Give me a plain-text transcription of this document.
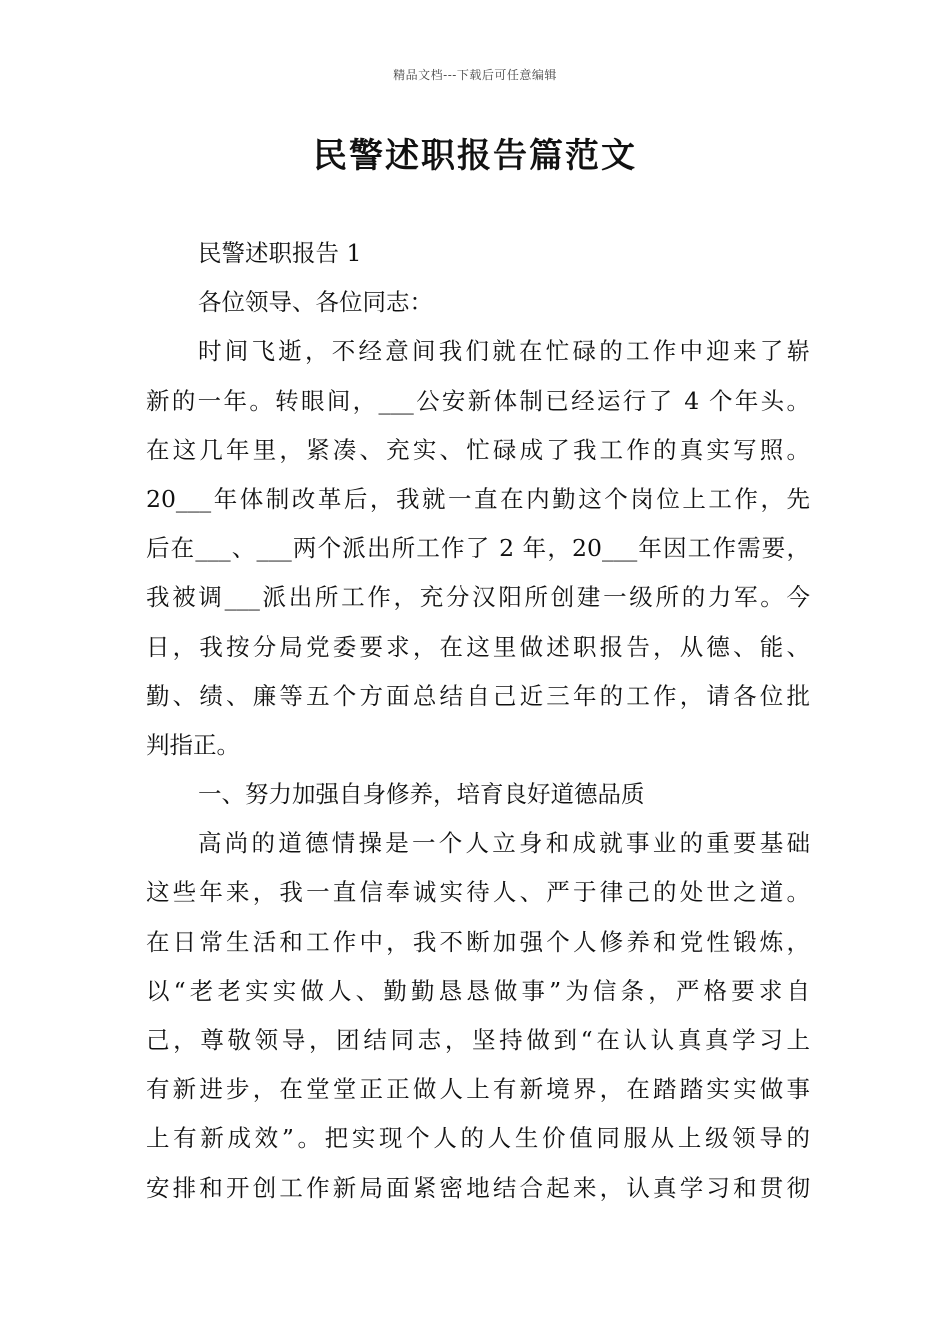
精品文档---下载后可任意编辑
民警述职报告篇范文
民警述职报告 1
各位领导、各位同志：
时间飞逝，不经意间我们就在忙碌的工作中迎来了崭
新的一年。转眼间，___公安新体制已经运行了 4 个年头。
在这几年里，紧凑、充实、忙碌成了我工作的真实写照。
20___年体制改革后，我就一直在内勤这个岗位上工作，先
后在___、___两个派出所工作了 2 年，20___年因工作需要，
我被调___派出所工作，充分汉阳所创建一级所的力军。今
日，我按分局党委要求，在这里做述职报告，从德、能、
勤、绩、廉等五个方面总结自己近三年的工作，请各位批
判指正。
一、努力加强自身修养，培育良好道德品质
高尚的道德情操是一个人立身和成就事业的重要基础
这些年来，我一直信奉诚实待人、严于律己的处世之道。
在日常生活和工作中，我不断加强个人修养和党性锻炼，
以“老老实实做人、勤勤恳恳做事”为信条，严格要求自
己，尊敬领导，团结同志，坚持做到“在认认真真学习上
有新进步，在堂堂正正做人上有新境界，在踏踏实实做事
上有新成效”。把实现个人的人生价值同服从上级领导的
安排和开创工作新局面紧密地结合起来，认真学习和贯彻
